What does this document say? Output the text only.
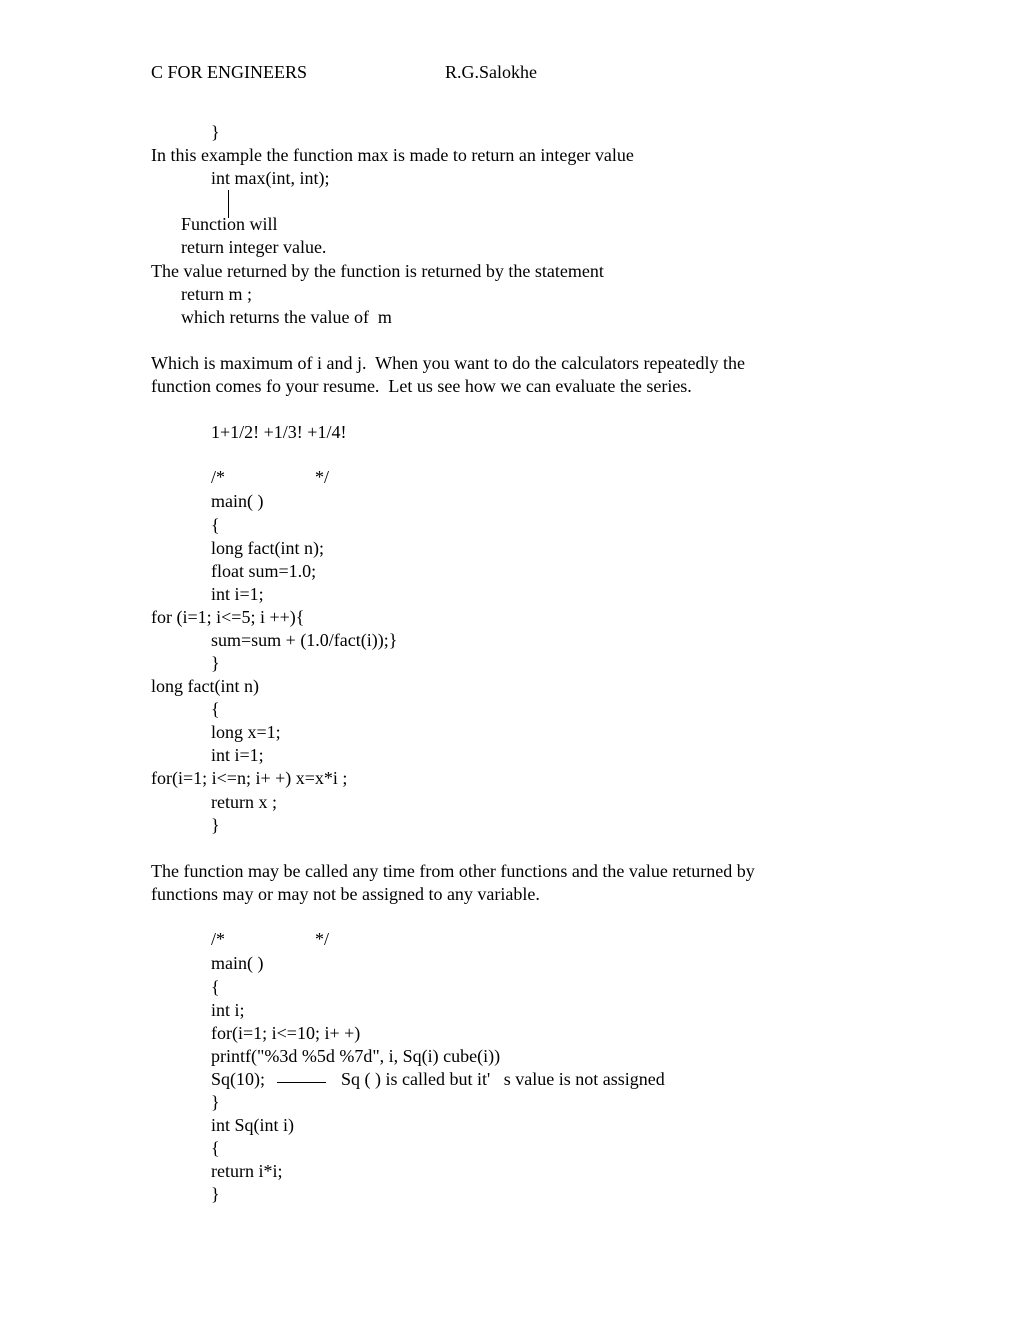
C FOR ENGINEERS	R.G.Salokhe
}
In this example the function max is made to return an integer value
int max(int, int);
Function will
return integer value.
The value returned by the function is returned by the statement
return m ;
which returns the value of  m
Which is maximum of i and j.  When you want to do the calculators repeatedly the
function comes fo your resume.  Let us see how we can evaluate the series.
1+1/2! +1/3! +1/4!
/*                    */
main( )
{
long fact(int n);
float sum=1.0;
int i=1;
for (i=1; i<=5; i ++){
sum=sum + (1.0/fact(i));}
}
long fact(int n)
{
long x=1;
int i=1;
for(i=1; i<=n; i+ +) x=x*i ;
return x ;
}
The function may be called any time from other functions and the value returned by
functions may or may not be assigned to any variable.
/*                    */
main( )
{
int i;
for(i=1; i<=10; i+ +)
printf("%3d %5d %7d", i, Sq(i) cube(i))
Sq(10);	Sq ( ) is called but it'   s value is not assigned
}
int Sq(int i)
{
return i*i;
}
